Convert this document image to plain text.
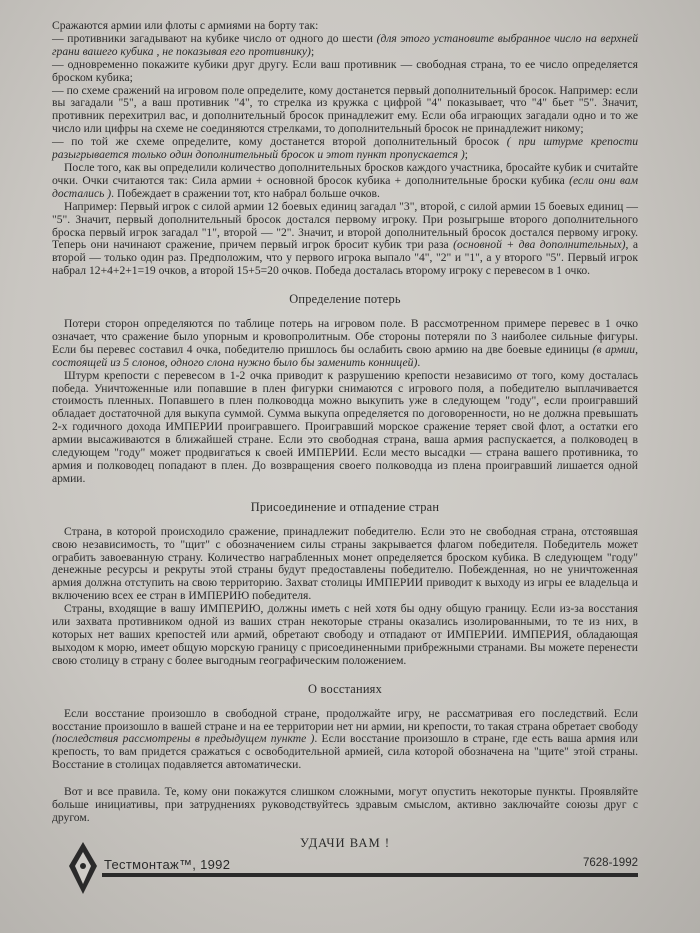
Сражаются армии или флоты с армиями на борту так:

— противники загадывают на кубике число от одного до шести (для этого установите выбранное число на верхней грани вашего кубика , не показывая его противнику);

— одновременно покажите кубики друг другу. Если ваш противник — свободная страна, то ее число определяется броском кубика;

— по схеме сражений на игровом поле определите, кому достанется первый дополнительный бросок. Например: если вы загадали "5", а ваш противник "4", то стрелка из кружка с цифрой "4" показывает, что "4" бьет "5". Значит, противник перехитрил вас, и дополнительный бросок принадлежит ему. Если оба играющих загадали одно и то же число или цифры на схеме не соединяются стрелками, то дополнительный бросок не принадлежит никому;

— по той же схеме определите, кому достанется второй дополнительный бросок ( при штурме крепости разыгрывается только один дополнительный бросок и этот пункт пропускается );

После того, как вы определили количество дополнительных бросков каждого участника, бросайте кубик и считайте очки. Очки считаются так: Сила армии + основной бросок кубика + дополнительные броски кубика (если они вам достались ). Побеждает в сражении тот, кто набрал больше очков.

Например: Первый игрок с силой армии 12 боевых единиц загадал "3", второй, с силой армии 15 боевых единиц — "5". Значит, первый дополнительный бросок достался первому игроку. При розыгрыше второго дополнительного броска первый игрок загадал "1", второй — "2". Значит, и второй дополнительный бросок достался первому игроку. Теперь они начинают сражение, причем первый игрок бросит кубик три раза (основной + два дополнительных), а второй — только один раз. Предположим, что у первого игрока выпало "4", "2" и "1", а у второго "5". Первый игрок набрал 12+4+2+1=19 очков, а второй 15+5=20 очков. Победа досталась второму игроку с перевесом в 1 очко.

Определение потерь

Потери сторон определяются по таблице потерь на игровом поле. В рассмотренном примере перевес в 1 очко означает, что сражение было упорным и кровопролитным. Обе стороны потеряли по 3 наиболее сильные фигуры. Если бы перевес составил 4 очка, победителю пришлось бы ослабить свою армию на две боевые единицы (в армии, состоящей из 5 слонов, одного слона нужно было бы заменить конницей).

Штурм крепости с перевесом в 1-2 очка приводит к разрушению крепости независимо от того, кому досталась победа. Уничтоженные или попавшие в плен фигурки снимаются с игрового поля, а победителю выплачивается стоимость пленных. Попавшего в плен полководца можно выкупить уже в следующем "году", если проигравший обладает достаточной для выкупа суммой. Сумма выкупа определяется по договоренности, но не должна превышать 2-х годичного дохода ИМПЕРИИ проигравшего. Проигравший морское сражение теряет свой флот, а остатки его армии высаживаются в ближайшей стране. Если это свободная страна, ваша армия распускается, а полководец в следующем "году" может продвигаться к своей ИМПЕРИИ. Если место высадки — страна вашего противника, то армия и полководец попадают в плен. До возвращения своего полководца из плена проигравший лишается одной армии.

Присоединение и отпадение стран

Страна, в которой происходило сражение, принадлежит победителю. Если это не свободная страна, отстоявшая свою независимость, то "щит" с обозначением силы страны закрывается флагом победителя. Победитель может ограбить завоеванную страну. Количество награбленных монет определяется броском кубика. В следующем "году" денежные ресурсы и рекруты этой страны будут предоставлены победителю. Побежденная, но не уничтоженная армия должна отступить на свою территорию. Захват столицы ИМПЕРИИ приводит к выходу из игры ее владельца и включению всех ее стран в ИМПЕРИЮ победителя.

Страны, входящие в вашу ИМПЕРИЮ, должны иметь с ней хотя бы одну общую границу. Если из-за восстания или захвата противником одной из ваших стран некоторые страны оказались изолированными, то те из них, в которых нет ваших крепостей или армий, обретают свободу и отпадают от ИМПЕРИИ. ИМПЕРИЯ, обладающая выходом к морю, имеет общую морскую границу с присоединенными прибрежными странами. Вы можете перенести свою столицу в страну с более выгодным географическим положением.

О восстаниях

Если восстание произошло в свободной стране, продолжайте игру, не рассматривая его последствий. Если восстание произошло в вашей стране и на ее территории нет ни армии, ни крепости, то такая страна обретает свободу (последствия рассмотрены в предыдущем пункте ). Если восстание произошло в стране, где есть ваша армия или крепость, то вам придется сражаться с освободительной армией, сила которой обозначена на "щите" этой страны. Восстание в столицах подавляется автоматически.

Вот и все правила. Те, кому они покажутся слишком сложными, могут опустить некоторые пункты. Проявляйте больше инициативы, при затруднениях руководствуйтесь здравым смыслом, активно заключайте союзы друг с другом.

УДАЧИ ВАМ !
Тестмонтаж™, 1992	7628-1992
